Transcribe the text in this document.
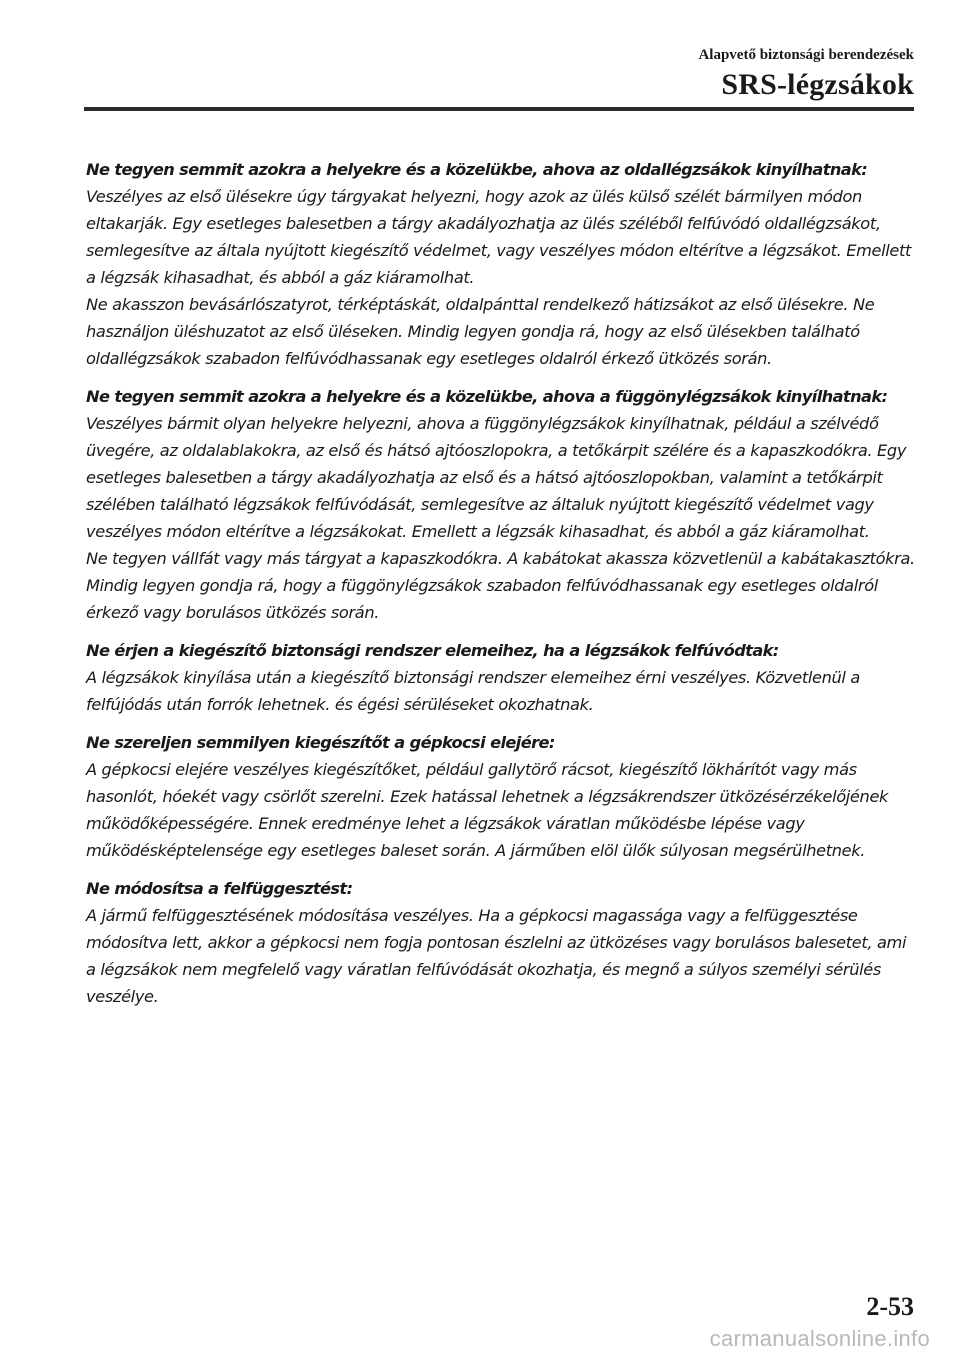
Alapvető biztonsági berendezések

SRS-légzsákok

Ne tegyen semmit azokra a helyekre és a közelükbe, ahova az oldallégzsákok kinyílhatnak:

Veszélyes az első ülésekre úgy tárgyakat helyezni, hogy azok az ülés külső szélét bármilyen módon eltakarják. Egy esetleges balesetben a tárgy akadályozhatja az ülés széléből felfúvódó oldallégzsákot, semlegesítve az általa nyújtott kiegészítő védelmet, vagy veszélyes módon eltérítve a légzsákot. Emellett a légzsák kihasadhat, és abból a gáz kiáramolhat.

Ne akasszon bevásárlószatyrot, térképtáskát, oldalpánttal rendelkező hátizsákot az első ülésekre. Ne használjon üléshuzatot az első üléseken. Mindig legyen gondja rá, hogy az első ülésekben található oldallégzsákok szabadon felfúvódhassanak egy esetleges oldalról érkező ütközés során.

Ne tegyen semmit azokra a helyekre és a közelükbe, ahova a függönylégzsákok kinyílhatnak:

Veszélyes bármit olyan helyekre helyezni, ahova a függönylégzsákok kinyílhatnak, például a szélvédő üvegére, az oldalablakokra, az első és hátsó ajtóoszlopokra, a tetőkárpit szélére és a kapaszkodókra. Egy esetleges balesetben a tárgy akadályozhatja az első és a hátsó ajtóoszlopokban, valamint a tetőkárpit szélében található légzsákok felfúvódását, semlegesítve az általuk nyújtott kiegészítő védelmet vagy veszélyes módon eltérítve a légzsákokat. Emellett a légzsák kihasadhat, és abból a gáz kiáramolhat.

Ne tegyen vállfát vagy más tárgyat a kapaszkodókra. A kabátokat akassza közvetlenül a kabátakasztókra. Mindig legyen gondja rá, hogy a függönylégzsákok szabadon felfúvódhassanak egy esetleges oldalról érkező vagy borulásos ütközés során.

Ne érjen a kiegészítő biztonsági rendszer elemeihez, ha a légzsákok felfúvódtak:

A légzsákok kinyílása után a kiegészítő biztonsági rendszer elemeihez érni veszélyes. Közvetlenül a felfújódás után forrók lehetnek. és égési sérüléseket okozhatnak.

Ne szereljen semmilyen kiegészítőt a gépkocsi elejére:

A gépkocsi elejére veszélyes kiegészítőket, például gallytörő rácsot, kiegészítő lökhárítót vagy más hasonlót, hóekét vagy csörlőt szerelni. Ezek hatással lehetnek a légzsákrendszer ütközésérzékelőjének működőképességére. Ennek eredménye lehet a légzsákok váratlan működésbe lépése vagy működésképtelensége egy esetleges baleset során. A járműben elöl ülők súlyosan megsérülhetnek.

Ne módosítsa a felfüggesztést:

A jármű felfüggesztésének módosítása veszélyes. Ha a gépkocsi magassága vagy a felfüggesztése módosítva lett, akkor a gépkocsi nem fogja pontosan észlelni az ütközéses vagy borulásos balesetet, ami a légzsákok nem megfelelő vagy váratlan felfúvódását okozhatja, és megnő a súlyos személyi sérülés veszélye.

2-53
carmanualsonline.info
